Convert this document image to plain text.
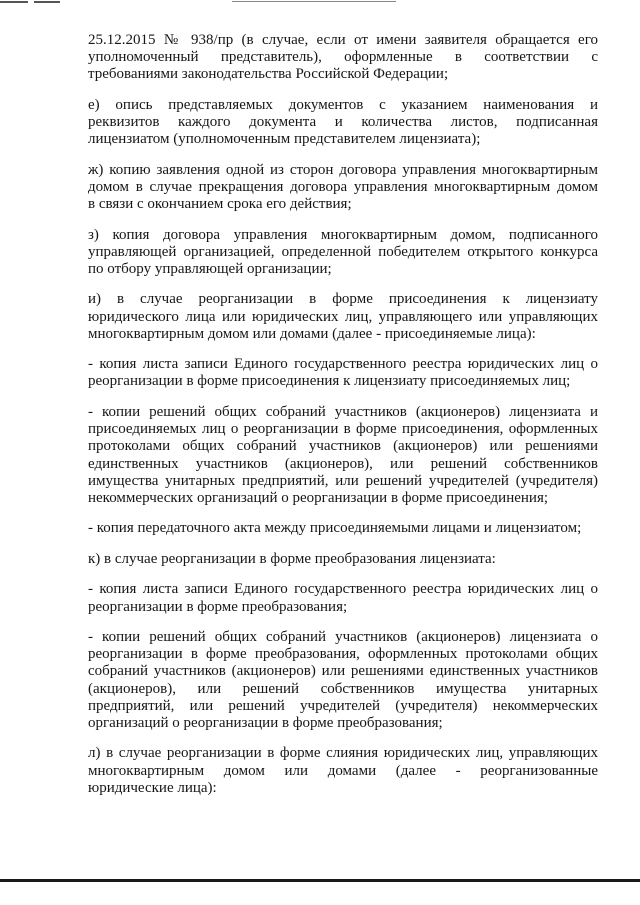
25.12.2015 № 938/пр (в случае, если от имени заявителя обращается его
уполномоченный представитель), оформленные в соответствии с
требованиями законодательства Российской Федерации;
е) опись представляемых документов с указанием наименования и
реквизитов каждого документа и количества листов, подписанная
лицензиатом (уполномоченным представителем лицензиата);
ж) копию заявления одной из сторон договора управления многоквартирным
домом в случае прекращения договора управления многоквартирным домом
в связи с окончанием срока его действия;
з) копия договора управления многоквартирным домом, подписанного
управляющей организацией, определенной победителем открытого конкурса
по отбору управляющей организации;
и) в случае реорганизации в форме присоединения к лицензиату
юридического лица или юридических лиц, управляющего или управляющих
многоквартирным домом или домами (далее - присоединяемые лица):
- копия листа записи Единого государственного реестра юридических лиц о
реорганизации в форме присоединения к лицензиату присоединяемых лиц;
- копии решений общих собраний участников (акционеров) лицензиата и
присоединяемых лиц о реорганизации в форме присоединения, оформленных
протоколами общих собраний участников (акционеров) или решениями
единственных участников (акционеров), или решений собственников
имущества унитарных предприятий, или решений учредителей (учредителя)
некоммерческих организаций о реорганизации в форме присоединения;
- копия передаточного акта между присоединяемыми лицами и лицензиатом;
к) в случае реорганизации в форме преобразования лицензиата:
- копия листа записи Единого государственного реестра юридических лиц о
реорганизации в форме преобразования;
- копии решений общих собраний участников (акционеров) лицензиата о
реорганизации в форме преобразования, оформленных протоколами общих
собраний участников (акционеров) или решениями единственных участников
(акционеров), или решений собственников имущества унитарных
предприятий, или решений учредителей (учредителя) некоммерческих
организаций о реорганизации в форме преобразования;
л) в случае реорганизации в форме слияния юридических лиц, управляющих
многоквартирным домом или домами (далее - реорганизованные
юридические лица):
